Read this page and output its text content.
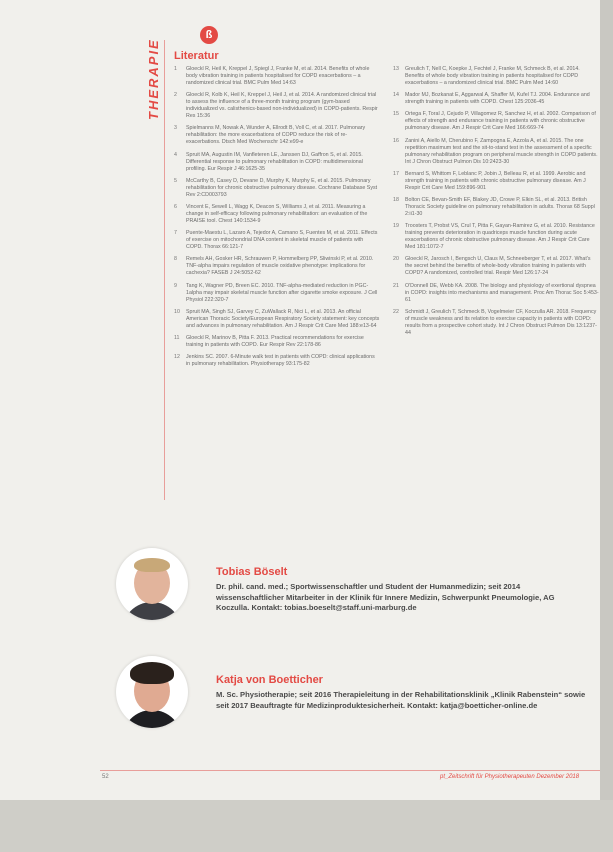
THERAPIE
ß
Literatur
1	Gloeckl R, Heil K, Kreppel J, Spiegl J, Franke M, et al. 2014. Benefits of whole body vibration training in patients hospitalised for COPD exacerbations – a randomized clinical trial. BMC Pulm Med 14:63
2	Gloeckl R, Kolb K, Heil K, Kreppel J, Heil J, et al. 2014. A randomized clinical trial to assess the influence of a three-month training program (gym-based individualized vs. calisthenics-based non-individualized) in COPD-patients. Respir Res 15:36
3	Spielmanns M, Nowak A, Wunder A, Ellrodt B, Voll C, et al. 2017. Pulmonary rehabilitation: the more exacerbations of COPD reduce the risk of re-exacerbations. Dtsch Med Wochenschr 142:e99-e
4	Spruit MA, Augustin IM, Vanfleteren LE, Janssen DJ, Gaffron S, et al. 2015. Differential response to pulmonary rehabilitation in COPD: multidimensional profiling. Eur Respir J 46:1625-35
5	McCarthy B, Casey D, Devane D, Murphy K, Murphy E, et al. 2015. Pulmonary rehabilitation for chronic obstructive pulmonary disease. Cochrane Database Syst Rev 2:CD003793
6	Vincent E, Sewell L, Wagg K, Deacon S, Williams J, et al. 2011. Measuring a change in self-efficacy following pulmonary rehabilitation: an evaluation of the PRAISE tool. Chest 140:1534-9
7	Puente-Maestu L, Lazaro A, Tejedor A, Camano S, Fuentes M, et al. 2011. Effects of exercise on mitochondrial DNA content in skeletal muscle of patients with COPD. Thorax 66:121-7
8	Remels AH, Gosker HR, Schrauwen P, Hommelberg PP, Sliwinski P, et al. 2010. TNF-alpha impairs regulation of muscle oxidative phenotype: implications for cachexia? FASEB J 24:5052-62
9	Tang K, Wagner PD, Breen EC. 2010. TNF-alpha-mediated reduction in PGC-1alpha may impair skeletal muscle function after cigarette smoke exposure. J Cell Physiol 222:320-7
10	Spruit MA, Singh SJ, Garvey C, ZuWallack R, Nici L, et al. 2013. An official American Thoracic Society/European Respiratory Society statement: key concepts and advances in pulmonary rehabilitation. Am J Respir Crit Care Med 188:e13-64
11	Gloeckl R, Marinov B, Pitta F. 2013. Practical recommendations for exercise training in patients with COPD. Eur Respir Rev 22:178-86
12	Jenkins SC. 2007. 6-Minute walk test in patients with COPD: clinical applications in pulmonary rehabilitation. Physiotherapy 93:175-82
13	Greulich T, Nell C, Koepke J, Fechtel J, Franke M, Schmeck B, et al. 2014. Benefits of whole body vibration training in patients hospitalised for COPD exacerbations – a randomized clinical trial. BMC Pulm Med 14:60
14	Mador MJ, Bozkanat E, Aggarwal A, Shaffer M, Kufel TJ. 2004. Endurance and strength training in patients with COPD. Chest 125:2036-45
15	Ortega F, Toral J, Cejudo P, Villagomez R, Sanchez H, et al. 2002. Comparison of effects of strength and endurance training in patients with chronic obstructive pulmonary disease. Am J Respir Crit Care Med 166:669-74
16	Zanini A, Aiello M, Cherubino F, Zampogna E, Azzola A, et al. 2015. The one repetition maximum test and the sit-to-stand test in the assessment of a specific pulmonary rehabilitation program on peripheral muscle strength in COPD patients. Int J Chron Obstruct Pulmon Dis 10:2423-30
17	Bernard S, Whittom F, Leblanc P, Jobin J, Belleau R, et al. 1999. Aerobic and strength training in patients with chronic obstructive pulmonary disease. Am J Respir Crit Care Med 159:896-901
18	Bolton CE, Bevan-Smith EF, Blakey JD, Crowe P, Elkin SL, et al. 2013. British Thoracic Society guideline on pulmonary rehabilitation in adults. Thorax 68 Suppl 2:ii1-30
19	Troosters T, Probst VS, Crul T, Pitta F, Gayan-Ramirez G, et al. 2010. Resistance training prevents deterioration in quadriceps muscle function during acute exacerbations of chronic obstructive pulmonary disease. Am J Respir Crit Care Med 181:1072-7
20	Gloeckl R, Jarosch I, Bengsch U, Claus M, Schneeberger T, et al. 2017. What's the secret behind the benefits of whole-body vibration training in patients with COPD? A randomized, controlled trial. Respir Med 126:17-24
21	O'Donnell DE, Webb KA. 2008. The biology and physiology of exertional dyspnea in COPD: insights into mechanisms and management. Proc Am Thorac Soc 5:453-61
22	Schmidt J, Greulich T, Schmeck B, Vogelmeier CF, Koczulla AR. 2018. Frequency of muscle weakness and its relation to exercise capacity in patients with COPD: results from a prospective cohort study. Int J Chron Obstruct Pulmon Dis 13:1237-44
Tobias Böselt
Dr. phil. cand. med.; Sportwissenschaftler und Student der Humanmedizin; seit 2014 wissenschaftlicher Mitarbeiter in der Klinik für Innere Medizin, Schwerpunkt Pneumologie, AG Koczulla. Kontakt: tobias.boeselt@staff.uni-marburg.de
Katja von Boetticher
M. Sc. Physiotherapie; seit 2016 Therapieleitung in der Rehabilitationsklinik „Klinik Rabenstein“ sowie seit 2017 Beauftragte für Medizinproduktesicherheit. Kontakt: katja@boetticher-online.de
52	pt_Zeitschrift für Physiotherapeuten Dezember 2018
